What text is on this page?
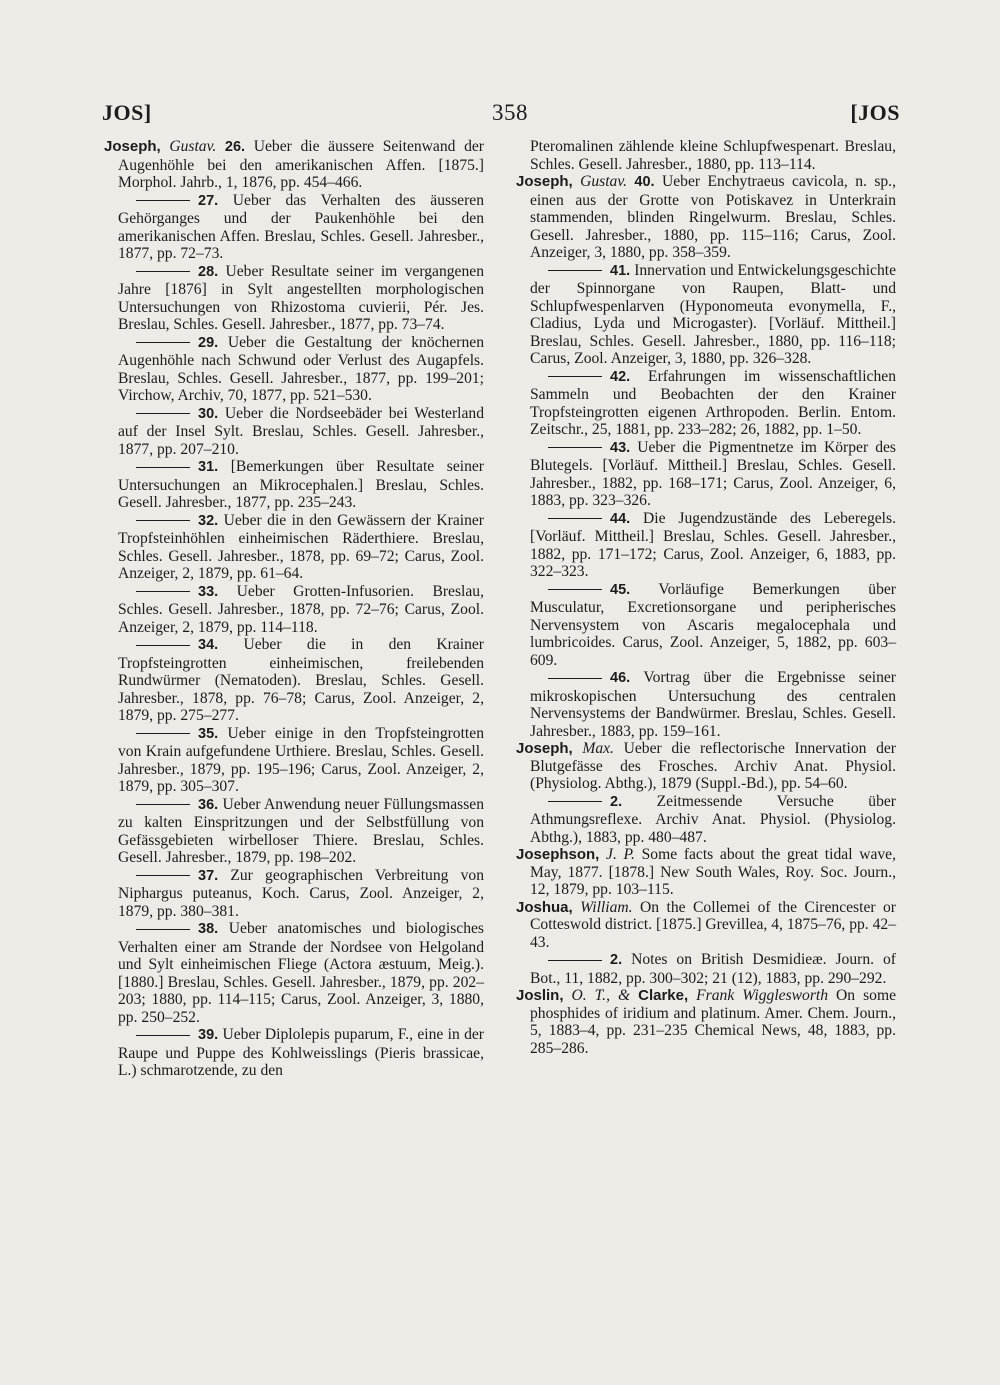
JOS]	358	[JOS

Joseph, Gustav. 26. Ueber die äussere Seitenwand der Augenhöhle bei den amerikanischen Affen. [1875.] Morphol. Jahrb., 1, 1876, pp. 454–466.

27. Ueber das Verhalten des äusseren Gehörganges und der Paukenhöhle bei den amerikanischen Affen. Breslau, Schles. Gesell. Jahresber., 1877, pp. 72–73.

28. Ueber Resultate seiner im vergangenen Jahre [1876] in Sylt angestellten morphologischen Untersuchungen von Rhizostoma cuvierii, Pér. Jes. Breslau, Schles. Gesell. Jahresber., 1877, pp. 73–74.

29. Ueber die Gestaltung der knöchernen Augenhöhle nach Schwund oder Verlust des Augapfels. Breslau, Schles. Gesell. Jahresber., 1877, pp. 199–201; Virchow, Archiv, 70, 1877, pp. 521–530.

30. Ueber die Nordseebäder bei Westerland auf der Insel Sylt. Breslau, Schles. Gesell. Jahresber., 1877, pp. 207–210.

31. [Bemerkungen über Resultate seiner Untersuchungen an Mikrocephalen.] Breslau, Schles. Gesell. Jahresber., 1877, pp. 235–243.

32. Ueber die in den Gewässern der Krainer Tropfsteinhöhlen einheimischen Räderthiere. Breslau, Schles. Gesell. Jahresber., 1878, pp. 69–72; Carus, Zool. Anzeiger, 2, 1879, pp. 61–64.

33. Ueber Grotten-Infusorien. Breslau, Schles. Gesell. Jahresber., 1878, pp. 72–76; Carus, Zool. Anzeiger, 2, 1879, pp. 114–118.

34. Ueber die in den Krainer Tropfsteingrotten einheimischen, freilebenden Rundwürmer (Nematoden). Breslau, Schles. Gesell. Jahresber., 1878, pp. 76–78; Carus, Zool. Anzeiger, 2, 1879, pp. 275–277.

35. Ueber einige in den Tropfsteingrotten von Krain aufgefundene Urthiere. Breslau, Schles. Gesell. Jahresber., 1879, pp. 195–196; Carus, Zool. Anzeiger, 2, 1879, pp. 305–307.

36. Ueber Anwendung neuer Füllungsmassen zu kalten Einspritzungen und der Selbstfüllung von Gefässgebieten wirbelloser Thiere. Breslau, Schles. Gesell. Jahresber., 1879, pp. 198–202.

37. Zur geographischen Verbreitung von Niphargus puteanus, Koch. Carus, Zool. Anzeiger, 2, 1879, pp. 380–381.

38. Ueber anatomisches und biologisches Verhalten einer am Strande der Nordsee von Helgoland und Sylt einheimischen Fliege (Actora æstuum, Meig.). [1880.] Breslau, Schles. Gesell. Jahresber., 1879, pp. 202–203; 1880, pp. 114–115; Carus, Zool. Anzeiger, 3, 1880, pp. 250–252.

39. Ueber Diplolepis puparum, F., eine in der Raupe und Puppe des Kohlweisslings (Pieris brassicae, L.) schmarotzende, zu den

Pteromalinen zählende kleine Schlupfwespenart. Breslau, Schles. Gesell. Jahresber., 1880, pp. 113–114.

Joseph, Gustav. 40. Ueber Enchytraeus cavicola, n. sp., einen aus der Grotte von Potiskavez in Unterkrain stammenden, blinden Ringelwurm. Breslau, Schles. Gesell. Jahresber., 1880, pp. 115–116; Carus, Zool. Anzeiger, 3, 1880, pp. 358–359.

41. Innervation und Entwickelungsgeschichte der Spinnorgane von Raupen, Blatt- und Schlupfwespenlarven (Hyponomeuta evonymella, F., Cladius, Lyda und Microgaster). [Vorläuf. Mittheil.] Breslau, Schles. Gesell. Jahresber., 1880, pp. 116–118; Carus, Zool. Anzeiger, 3, 1880, pp. 326–328.

42. Erfahrungen im wissenschaftlichen Sammeln und Beobachten der den Krainer Tropfsteingrotten eigenen Arthropoden. Berlin. Entom. Zeitschr., 25, 1881, pp. 233–282; 26, 1882, pp. 1–50.

43. Ueber die Pigmentnetze im Körper des Blutegels. [Vorläuf. Mittheil.] Breslau, Schles. Gesell. Jahresber., 1882, pp. 168–171; Carus, Zool. Anzeiger, 6, 1883, pp. 323–326.

44. Die Jugendzustände des Leberegels. [Vorläuf. Mittheil.] Breslau, Schles. Gesell. Jahresber., 1882, pp. 171–172; Carus, Zool. Anzeiger, 6, 1883, pp. 322–323.

45. Vorläufige Bemerkungen über Musculatur, Excretionsorgane und peripherisches Nervensystem von Ascaris megalocephala und lumbricoides. Carus, Zool. Anzeiger, 5, 1882, pp. 603–609.

46. Vortrag über die Ergebnisse seiner mikroskopischen Untersuchung des centralen Nervensystems der Bandwürmer. Breslau, Schles. Gesell. Jahresber., 1883, pp. 159–161.

Joseph, Max. Ueber die reflectorische Innervation der Blutgefässe des Frosches. Archiv Anat. Physiol. (Physiolog. Abthg.), 1879 (Suppl.-Bd.), pp. 54–60.

2. Zeitmessende Versuche über Athmungsreflexe. Archiv Anat. Physiol. (Physiolog. Abthg.), 1883, pp. 480–487.

Josephson, J. P. Some facts about the great tidal wave, May, 1877. [1878.] New South Wales, Roy. Soc. Journ., 12, 1879, pp. 103–115.

Joshua, William. On the Collemei of the Cirencester or Cotteswold district. [1875.] Grevillea, 4, 1875–76, pp. 42–43.

2. Notes on British Desmidieæ. Journ. of Bot., 11, 1882, pp. 300–302; 21 (12), 1883, pp. 290–292.

Joslin, O. T., & Clarke, Frank Wigglesworth On some phosphides of iridium and platinum. Amer. Chem. Journ., 5, 1883–4, pp. 231–235 Chemical News, 48, 1883, pp. 285–286.
